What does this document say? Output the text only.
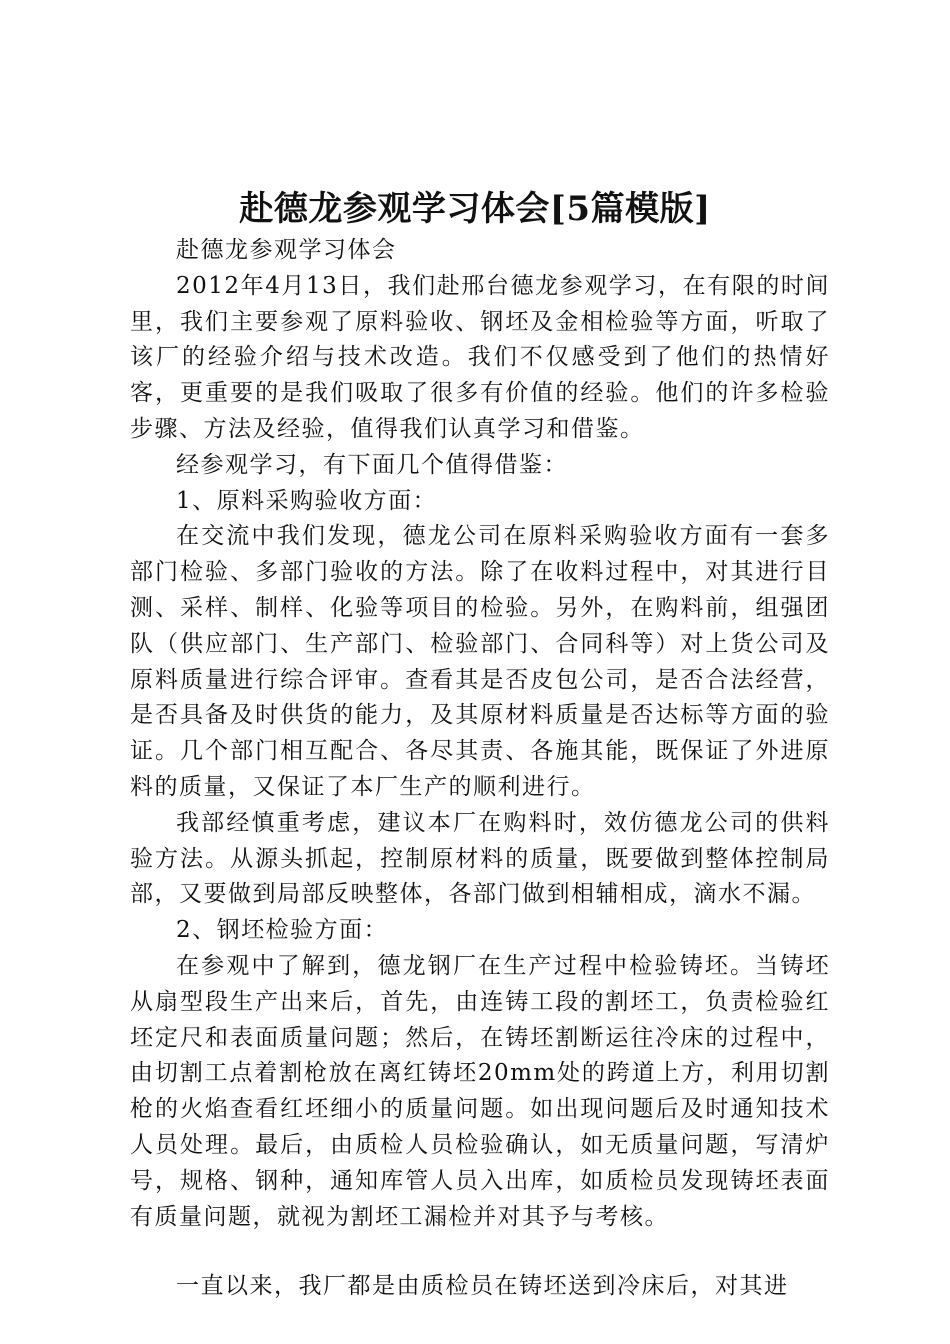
赴德龙参观学习体会[5篇模版]

赴德龙参观学习体会

2012年4月13日，我们赴邢台德龙参观学习，在有限的时间里，我们主要参观了原料验收、钢坯及金相检验等方面，听取了该厂的经验介绍与技术改造。我们不仅感受到了他们的热情好客，更重要的是我们吸取了很多有价值的经验。他们的许多检验步骤、方法及经验，值得我们认真学习和借鉴。

经参观学习，有下面几个值得借鉴：

1、原料采购验收方面：

在交流中我们发现，德龙公司在原料采购验收方面有一套多部门检验、多部门验收的方法。除了在收料过程中，对其进行目测、采样、制样、化验等项目的检验。另外，在购料前，组强团队（供应部门、生产部门、检验部门、合同科等）对上货公司及原料质量进行综合评审。查看其是否皮包公司，是否合法经营，是否具备及时供货的能力，及其原材料质量是否达标等方面的验证。几个部门相互配合、各尽其责、各施其能，既保证了外进原料的质量，又保证了本厂生产的顺利进行。

我部经慎重考虑，建议本厂在购料时，效仿德龙公司的供料验方法。从源头抓起，控制原材料的质量，既要做到整体控制局部，又要做到局部反映整体，各部门做到相辅相成，滴水不漏。

2、钢坯检验方面：

在参观中了解到，德龙钢厂在生产过程中检验铸坯。当铸坯从扇型段生产出来后，首先，由连铸工段的割坯工，负责检验红坯定尺和表面质量问题；然后，在铸坯割断运往冷床的过程中，由切割工点着割枪放在离红铸坯20mm处的跨道上方，利用切割枪的火焰查看红坯细小的质量问题。如出现问题后及时通知技术人员处理。最后，由质检人员检验确认，如无质量问题，写清炉号，规格、钢种，通知库管人员入出库，如质检员发现铸坯表面有质量问题，就视为割坯工漏检并对其予与考核。

一直以来，我厂都是由质检员在铸坯送到冷床后，对其进
